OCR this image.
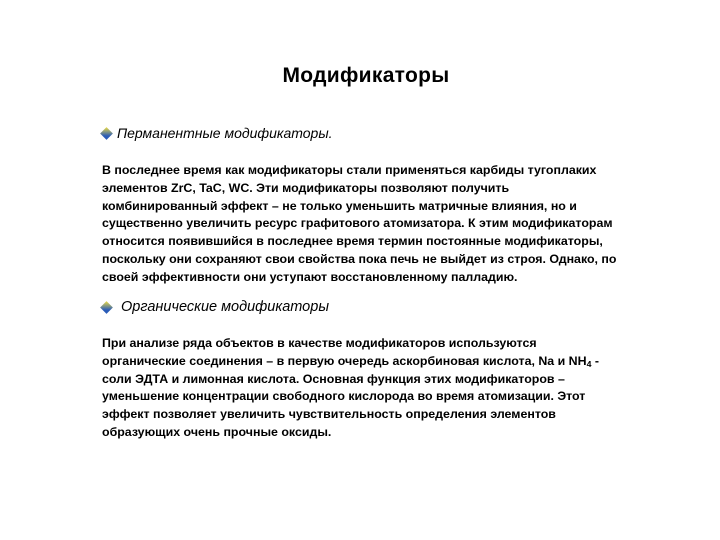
Модификаторы
Перманентные модификаторы.

В последнее время как модификаторы стали применяться карбиды тугоплаких
элементов ZrC, TaC, WC. Эти модификаторы позволяют получить
комбинированный эффект – не только уменьшить матричные влияния, но и
существенно увеличить ресурс графитового атомизатора. К этим модификаторам
относится появившийся в последнее время термин постоянные модификаторы,
поскольку они сохраняют свои свойства пока печь не выйдет из строя. Однако, по
своей эффективности они уступают восстановленному палладию.

Органические модификаторы

При анализе ряда объектов в качестве модификаторов используются
органические соединения – в первую очередь аскорбиновая кислота, Na и $NH_4$ -
соли ЭДТА и лимонная кислота. Основная функция этих модификаторов –
уменьшение концентрации свободного кислорода во время атомизации. Этот
эффект позволяет увеличить чувствительность определения элементов
образующих очень прочные оксиды.
